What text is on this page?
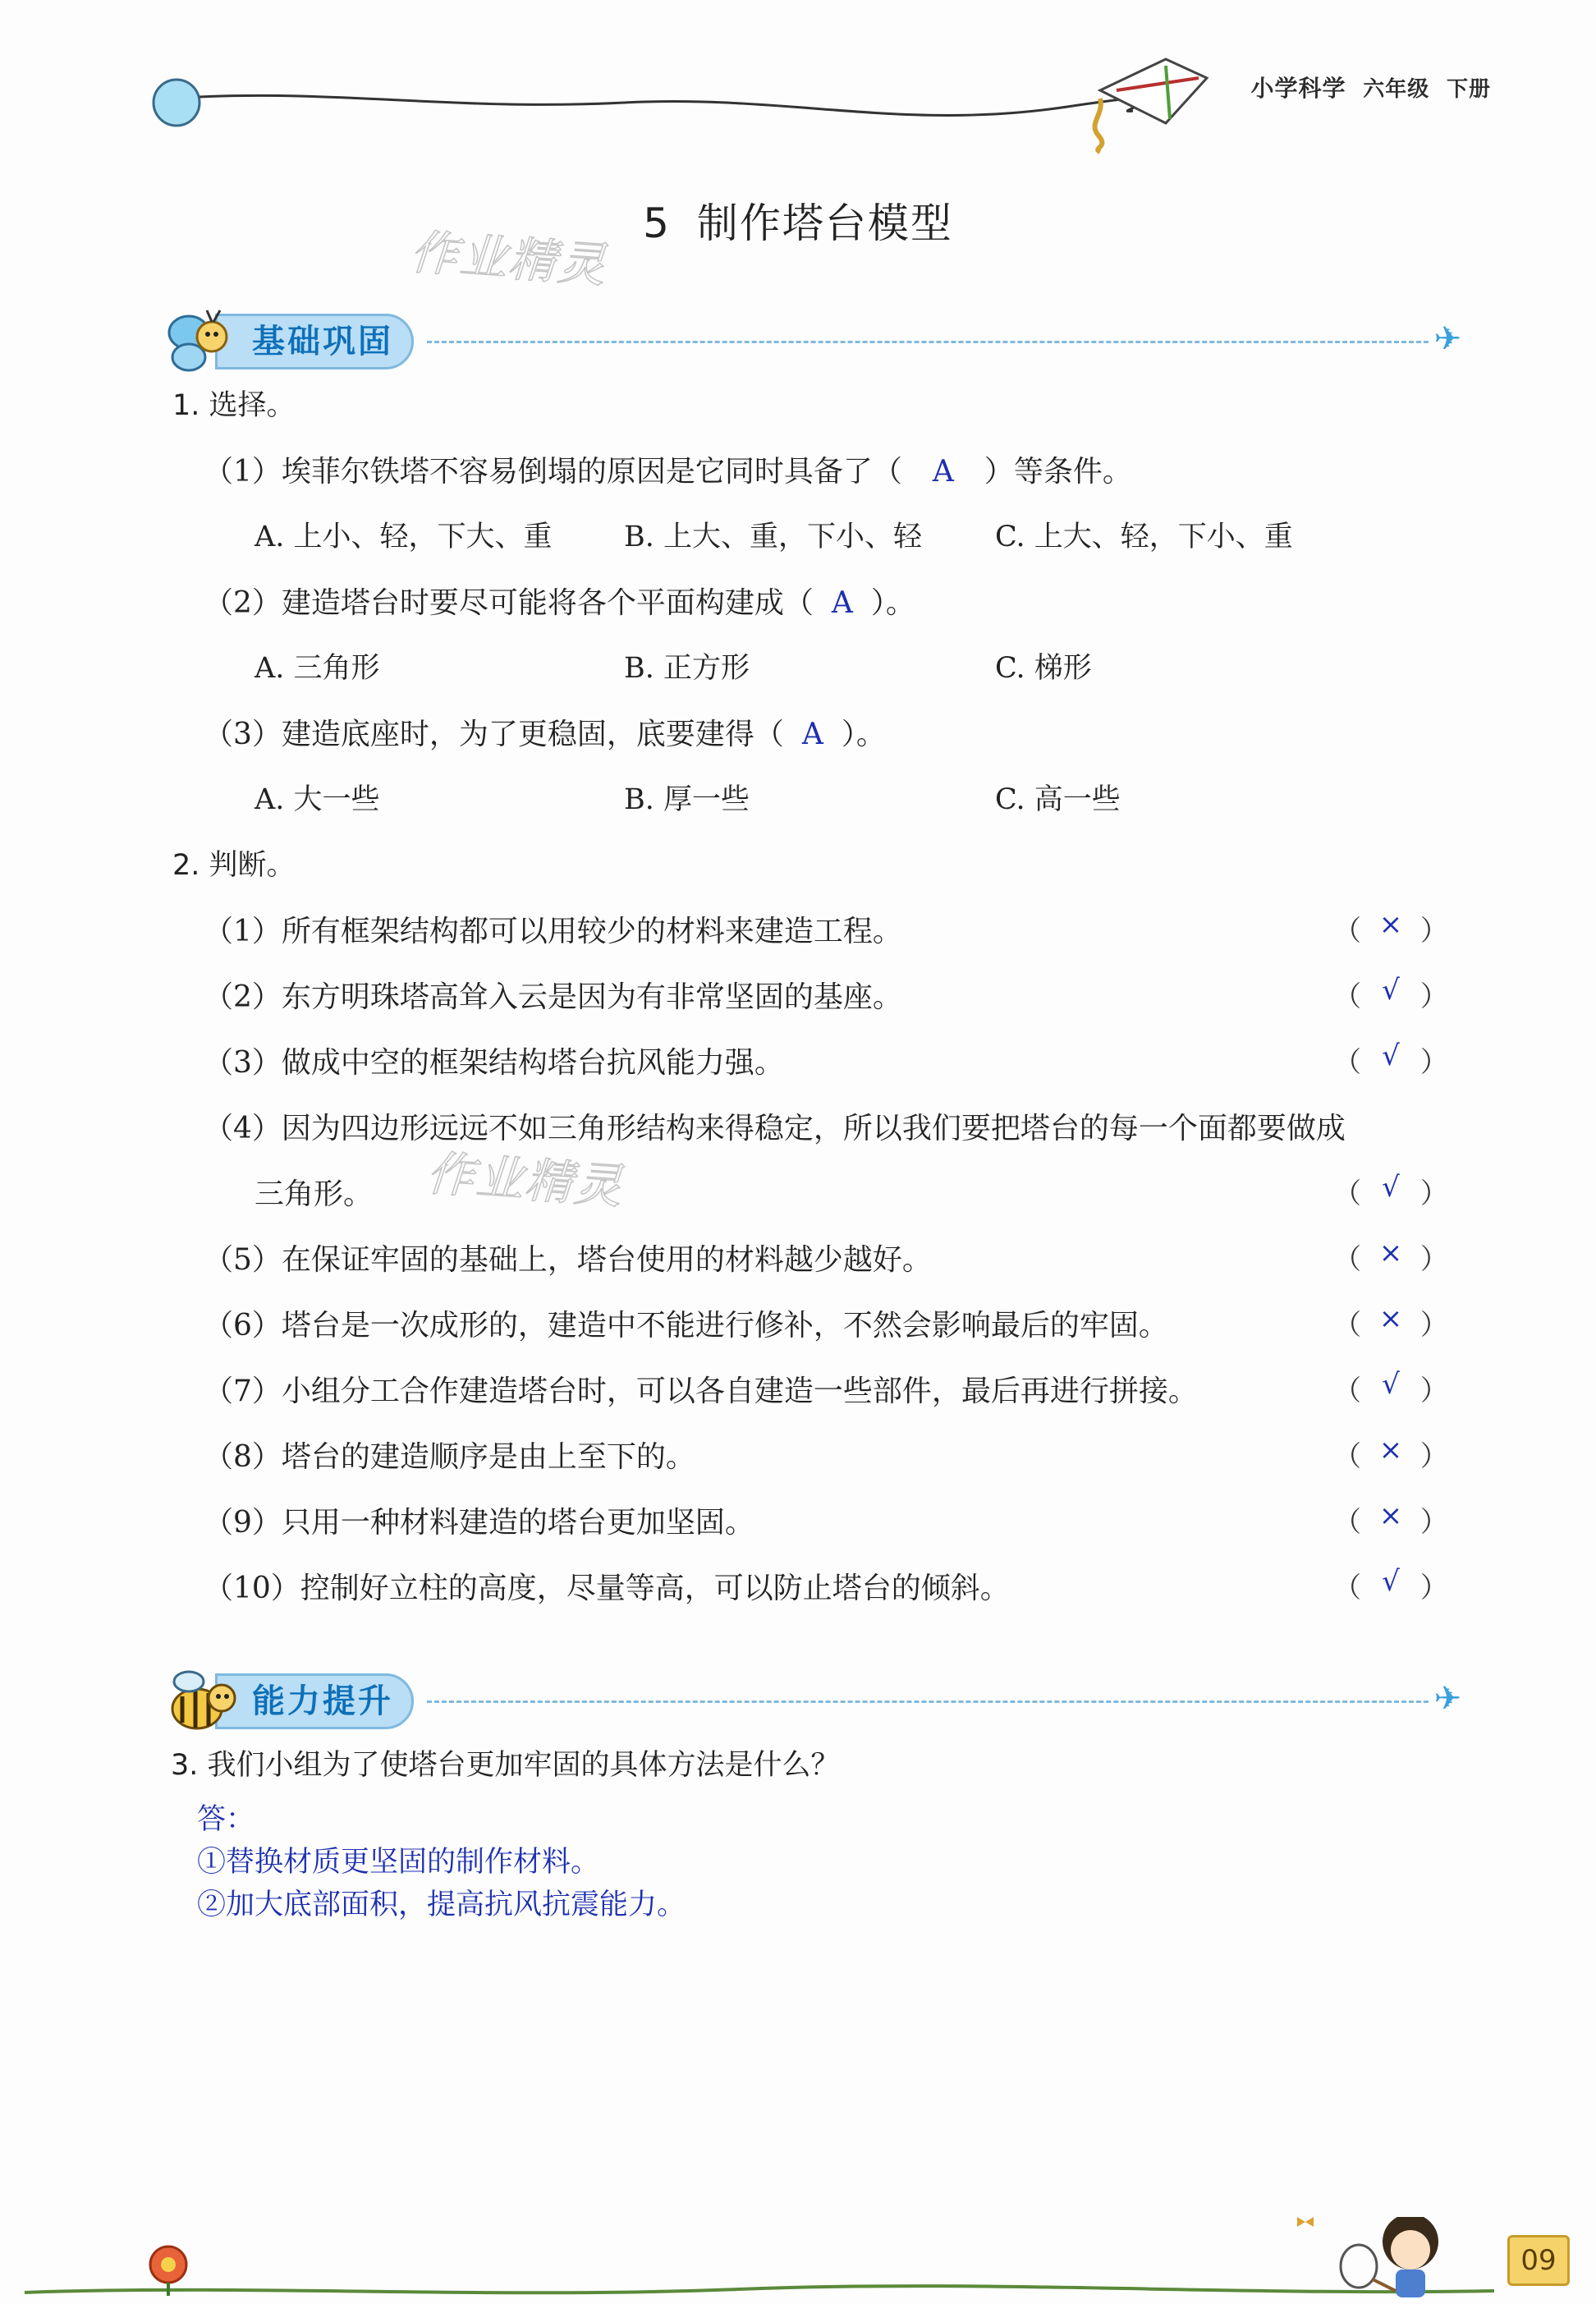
小学科学 六年级 下册
5 制作塔台模型
作业精灵
作业精灵
基础巩固	✈
1. 选择。
（1）埃菲尔铁塔不容易倒塌的原因是它同时具备了（ A ）等条件。
A. 上小、轻，下大、重 B. 上大、重，下小、轻	C. 上大、轻，下小、重
（2）建造塔台时要尽可能将各个平面构建成（ A ）。
A. 三角形	B. 正方形	C. 梯形
（3）建造底座时，为了更稳固，底要建得（ A ）。
A. 大一些	B. 厚一些	C. 高一些
2. 判断。
（1）所有框架结构都可以用较少的材料来建造工程。	（ × ）
（2）东方明珠塔高耸入云是因为有非常坚固的基座。	（ √ ）
（3）做成中空的框架结构塔台抗风能力强。	（ √ ）
（4）因为四边形远远不如三角形结构来得稳定，所以我们要把塔台的每一个面都要做成
三角形。	（ √ ）
（5）在保证牢固的基础上，塔台使用的材料越少越好。	（ × ）
（6）塔台是一次成形的，建造中不能进行修补，不然会影响最后的牢固。	（ × ）
（7）小组分工合作建造塔台时，可以各自建造一些部件，最后再进行拼接。	（ √ ）
（8）塔台的建造顺序是由上至下的。	（ × ）
（9）只用一种材料建造的塔台更加坚固。	（ × ）
（10）控制好立柱的高度，尽量等高，可以防止塔台的倾斜。	（ √ ）
能力提升	✈
3. 我们小组为了使塔台更加牢固的具体方法是什么？
答：
①替换材质更坚固的制作材料。
②加大底部面积，提高抗风抗震能力。
09
